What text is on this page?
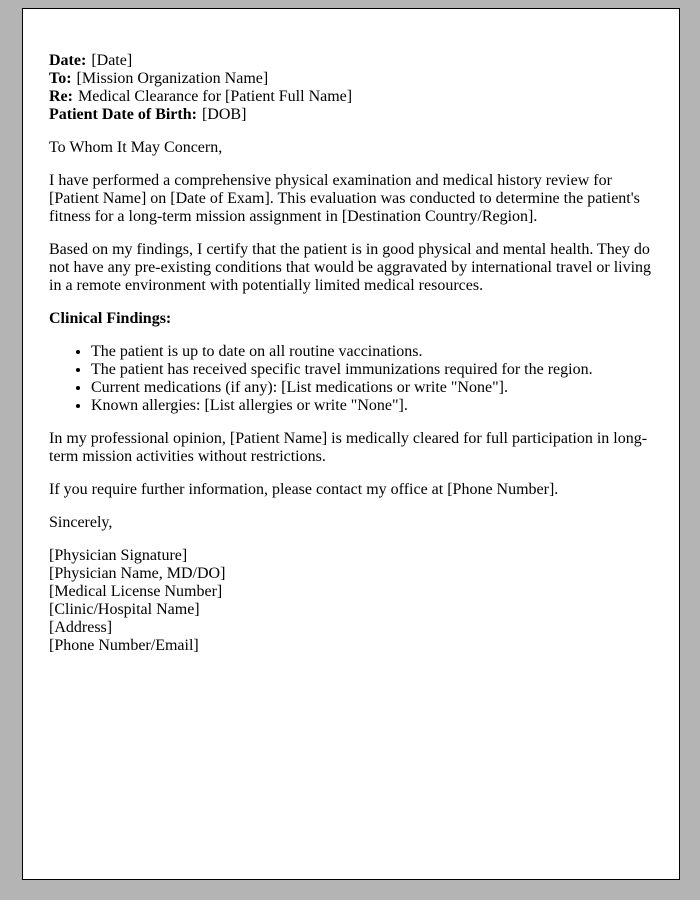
Date: [Date]

To: [Mission Organization Name]
Re: Medical Clearance for [Patient Full Name]
Patient Date of Birth: [DOB]

To Whom It May Concern,

I have performed a comprehensive physical examination and medical history review for [Patient Name] on [Date of Exam]. This evaluation was conducted to determine the patient's fitness for a long-term mission assignment in [Destination Country/Region].

Based on my findings, I certify that the patient is in good physical and mental health. They do not have any pre-existing conditions that would be aggravated by international travel or living in a remote environment with potentially limited medical resources.

Clinical Findings:

• The patient is up to date on all routine vaccinations.
• The patient has received specific travel immunizations required for the region.
• Current medications (if any): [List medications or write "None"].
• Known allergies: [List allergies or write "None"].

In my professional opinion, [Patient Name] is medically cleared for full participation in long-term mission activities without restrictions.

If you require further information, please contact my office at [Phone Number].

Sincerely,

[Physician Signature]
[Physician Name, MD/DO]
[Medical License Number]
[Clinic/Hospital Name]
[Address]
[Phone Number/Email]
